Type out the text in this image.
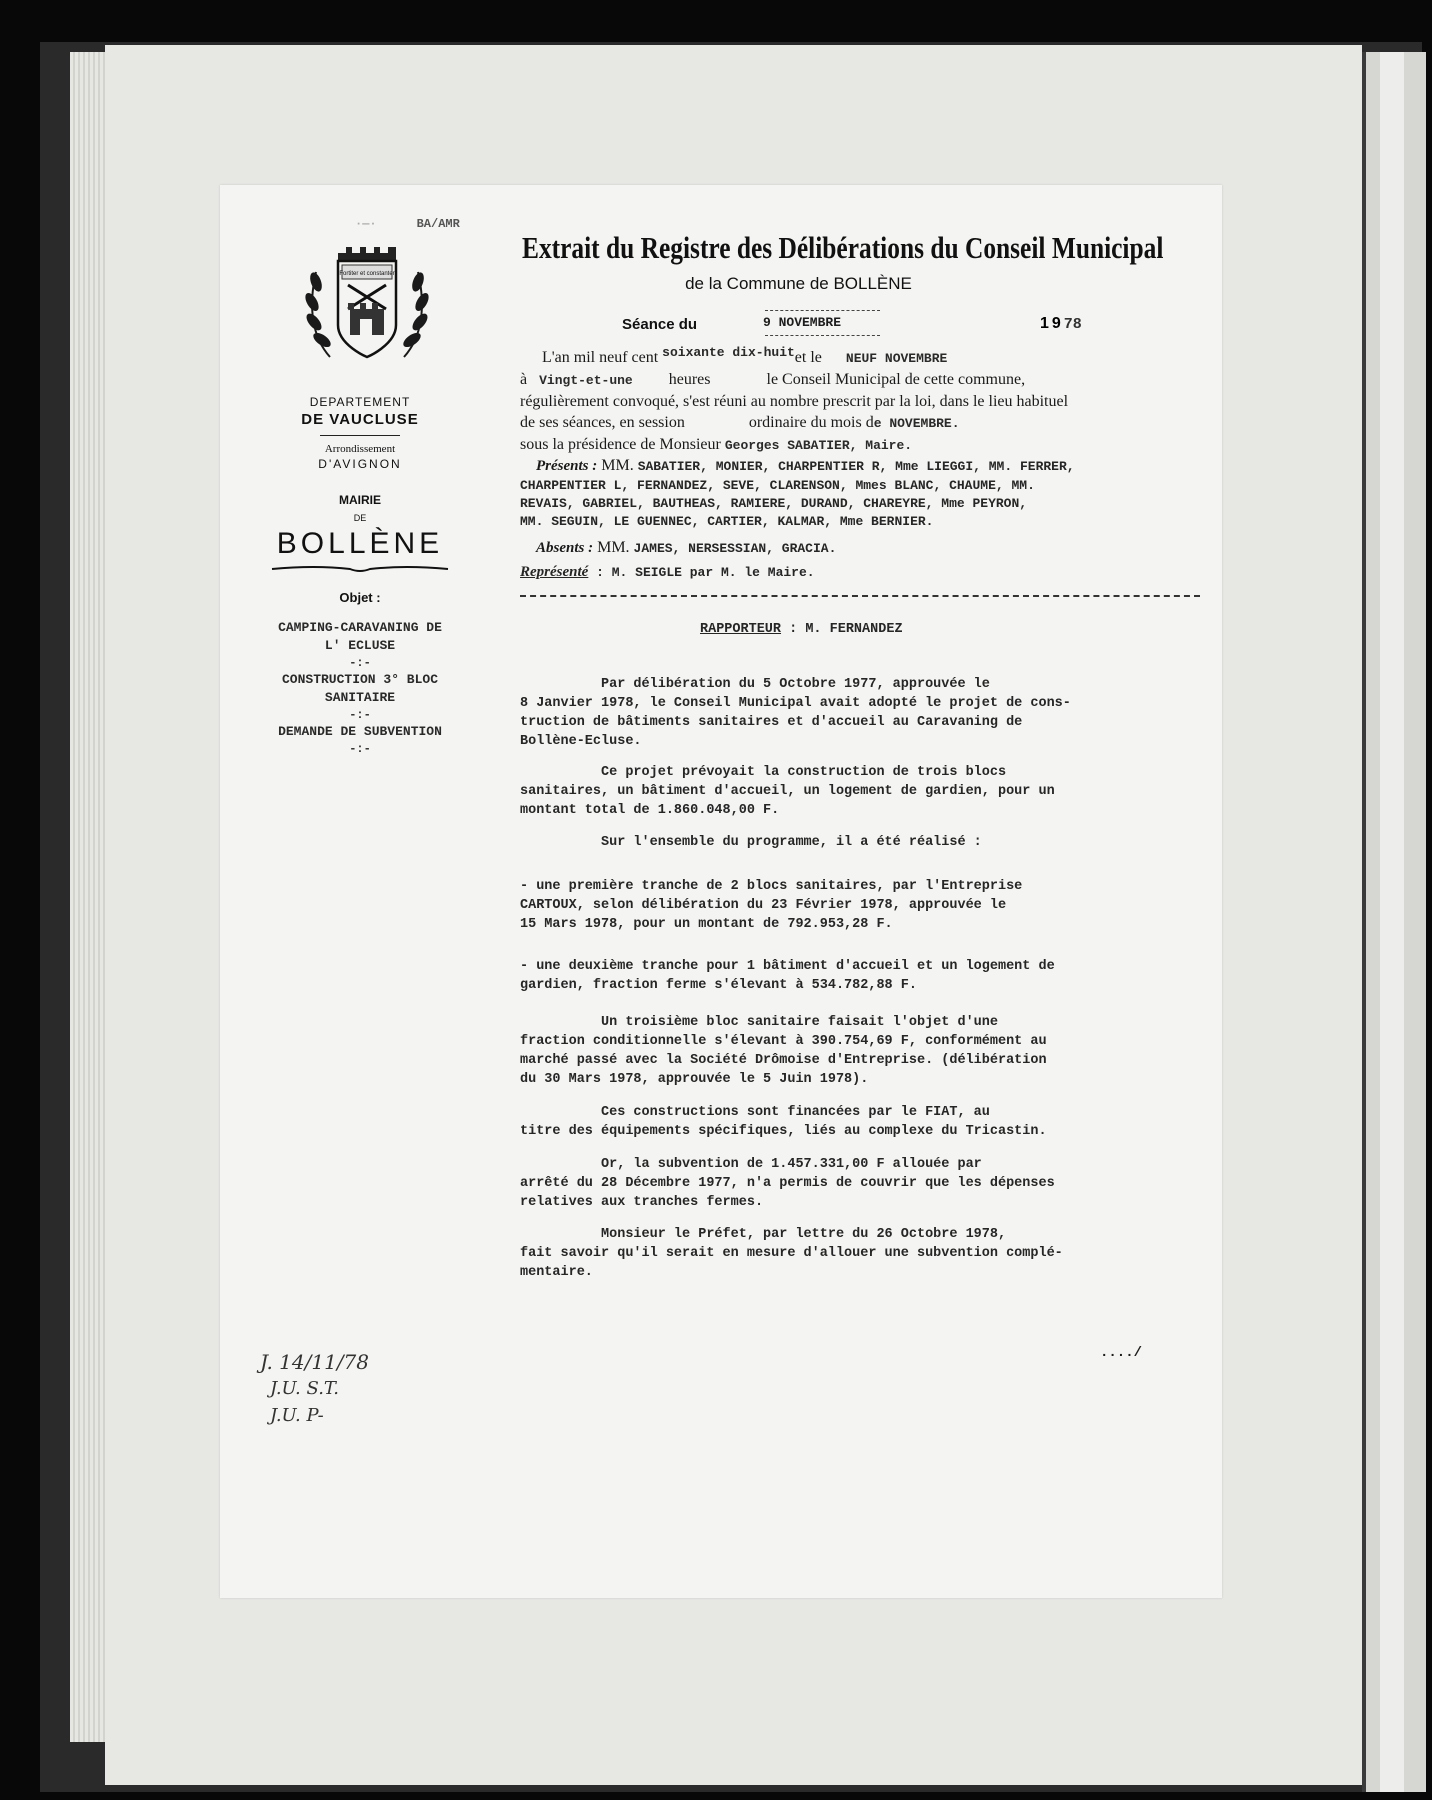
·—·	BA/AMR
Fortiter et constanter
DEPARTEMENT
DE VAUCLUSE
Arrondissement
D'AVIGNON
MAIRIE
DE
BOLLÈNE
Objet :
CAMPING-CARAVANING DE
L' ECLUSE
-:-
CONSTRUCTION 3° BLOC
SANITAIRE
-:-
DEMANDE DE SUBVENTION
-:-
Extrait du Registre des Délibérations du Conseil Municipal
de la Commune de BOLLÈNE
Séance du	9 NOVEMBRE	1978
L'an mil neuf cent $^{soixante dix-huit}$et le NEUF NOVEMBRE
à Vingt-et-une heures	le Conseil Municipal de cette commune,
régulièrement convoqué, s'est réuni au nombre prescrit par la loi, dans le lieu habituel
de ses séances, en session	ordinaire du mois de NOVEMBRE.
sous la présidence de Monsieur Georges SABATIER, Maire.
Présents : MM. SABATIER, MONIER, CHARPENTIER R, Mme LIEGGI, MM. FERRER,
CHARPENTIER L, FERNANDEZ, SEVE, CLARENSON, Mmes BLANC, CHAUME, MM.
REVAIS, GABRIEL, BAUTHEAS, RAMIERE, DURAND, CHAREYRE, Mme PEYRON,
MM. SEGUIN, LE GUENNEC, CARTIER, KALMAR, Mme BERNIER.
Absents : MM. JAMES, NERSESSIAN, GRACIA.
Représenté : M. SEIGLE par M. le Maire.

RAPPORTEUR : M. FERNANDEZ

Par délibération du 5 Octobre 1977, approuvée le

8 Janvier 1978, le Conseil Municipal avait adopté le projet de cons-

truction de bâtiments sanitaires et d'accueil au Caravaning de

Bollène-Ecluse.

Ce projet prévoyait la construction de trois blocs

sanitaires, un bâtiment d'accueil, un logement de gardien, pour un

montant total de 1.860.048,00 F.

Sur l'ensemble du programme, il a été réalisé :

- une première tranche de 2 blocs sanitaires, par l'Entreprise

CARTOUX, selon délibération du 23 Février 1978, approuvée le

15 Mars 1978, pour un montant de 792.953,28 F.

- une deuxième tranche pour 1 bâtiment d'accueil et un logement de

gardien, fraction ferme s'élevant à 534.782,88 F.

Un troisième bloc sanitaire faisait l'objet d'une

fraction conditionnelle s'élevant à 390.754,69 F, conformément au

marché passé avec la Société Drômoise d'Entreprise. (délibération

du 30 Mars 1978, approuvée le 5 Juin 1978).

Ces constructions sont financées par le FIAT, au

titre des équipements spécifiques, liés au complexe du Tricastin.

Or, la subvention de 1.457.331,00 F allouée par

arrêté du 28 Décembre 1977, n'a permis de couvrir que les dépenses

relatives aux tranches fermes.

Monsieur le Préfet, par lettre du 26 Octobre 1978,

fait savoir qu'il serait en mesure d'allouer une subvention complé-

mentaire.

..../
J. 14/11/78
J.U. S.T.
J.U. P-
